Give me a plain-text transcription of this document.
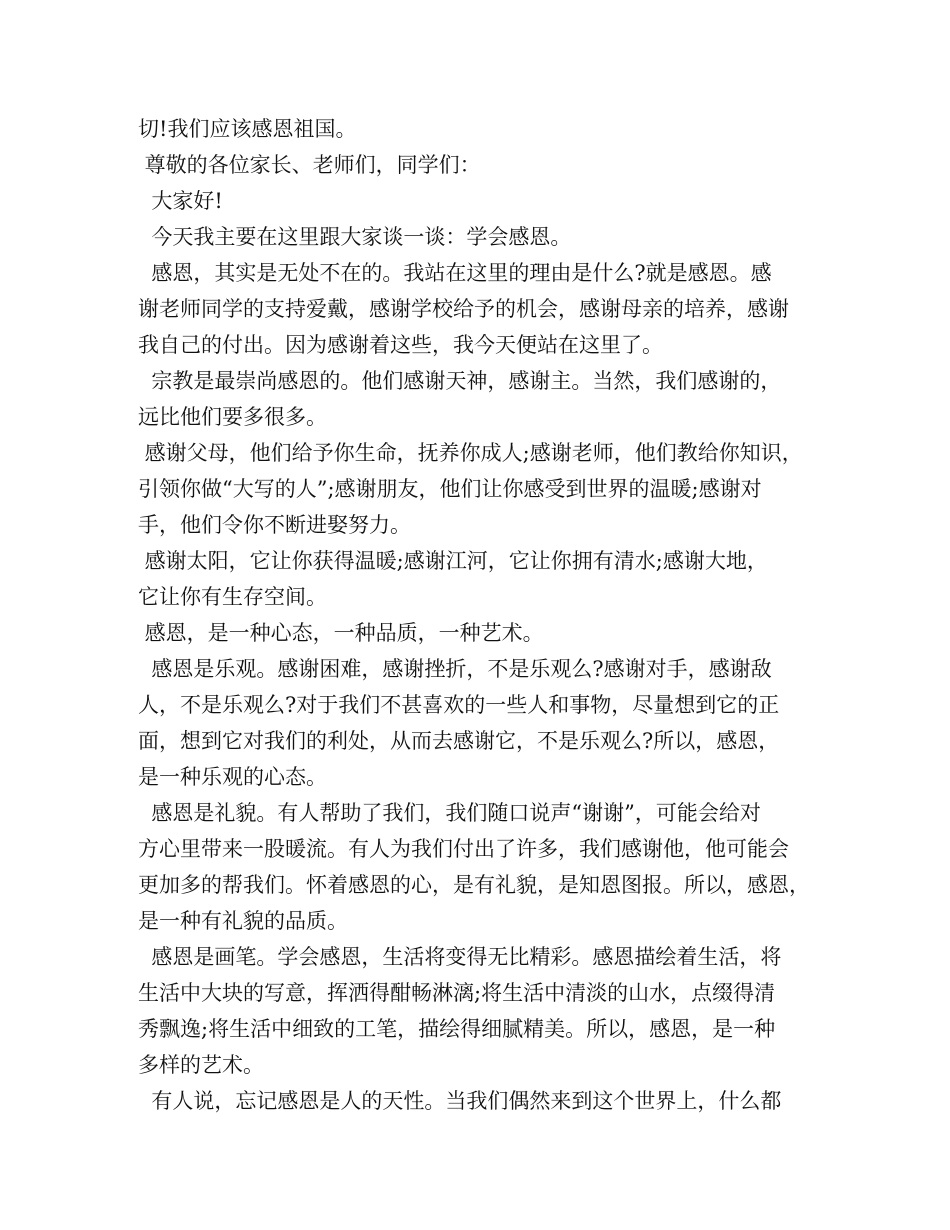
切!我们应该感恩祖国。

尊敬的各位家长、老师们，同学们：

大家好!

今天我主要在这里跟大家谈一谈：学会感恩。

感恩，其实是无处不在的。我站在这里的理由是什么?就是感恩。感

谢老师同学的支持爱戴，感谢学校给予的机会，感谢母亲的培养，感谢

我自己的付出。因为感谢着这些，我今天便站在这里了。

宗教是最崇尚感恩的。他们感谢天神，感谢主。当然，我们感谢的，

远比他们要多很多。

感谢父母，他们给予你生命，抚养你成人;感谢老师，他们教给你知识，

引领你做“大写的人”;感谢朋友，他们让你感受到世界的温暖;感谢对

手，他们令你不断进娶努力。

感谢太阳，它让你获得温暖;感谢江河，它让你拥有清水;感谢大地，

它让你有生存空间。

感恩，是一种心态，一种品质，一种艺术。

感恩是乐观。感谢困难，感谢挫折，不是乐观么?感谢对手，感谢敌

人，不是乐观么?对于我们不甚喜欢的一些人和事物，尽量想到它的正

面，想到它对我们的利处，从而去感谢它，不是乐观么?所以，感恩，

是一种乐观的心态。

感恩是礼貌。有人帮助了我们，我们随口说声“谢谢”，可能会给对

方心里带来一股暖流。有人为我们付出了许多，我们感谢他，他可能会

更加多的帮我们。怀着感恩的心，是有礼貌，是知恩图报。所以，感恩，

是一种有礼貌的品质。

感恩是画笔。学会感恩，生活将变得无比精彩。感恩描绘着生活，将

生活中大块的写意，挥洒得酣畅淋漓;将生活中清淡的山水，点缀得清

秀飘逸;将生活中细致的工笔，描绘得细腻精美。所以，感恩，是一种

多样的艺术。

有人说，忘记感恩是人的天性。当我们偶然来到这个世界上，什么都
